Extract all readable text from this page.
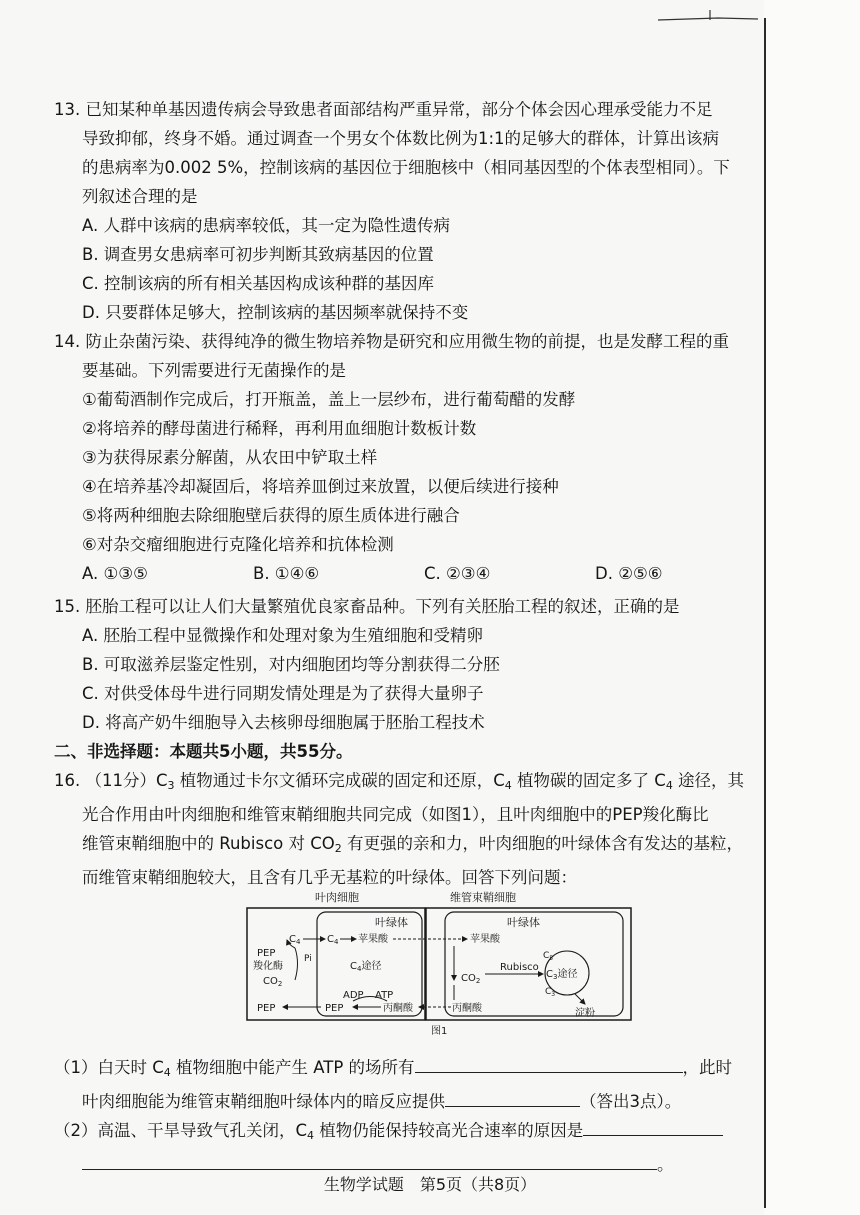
13. 已知某种单基因遗传病会导致患者面部结构严重异常，部分个体会因心理承受能力不足

导致抑郁，终身不婚。通过调查一个男女个体数比例为1:1的足够大的群体，计算出该病

的患病率为0.002 5%，控制该病的基因位于细胞核中（相同基因型的个体表型相同）。下

列叙述合理的是

A. 人群中该病的患病率较低，其一定为隐性遗传病

B. 调查男女患病率可初步判断其致病基因的位置

C. 控制该病的所有相关基因构成该种群的基因库

D. 只要群体足够大，控制该病的基因频率就保持不变

14. 防止杂菌污染、获得纯净的微生物培养物是研究和应用微生物的前提，也是发酵工程的重

要基础。下列需要进行无菌操作的是

①葡萄酒制作完成后，打开瓶盖，盖上一层纱布，进行葡萄醋的发酵

②将培养的酵母菌进行稀释，再利用血细胞计数板计数

③为获得尿素分解菌，从农田中铲取土样

④在培养基冷却凝固后，将培养皿倒过来放置，以便后续进行接种

⑤将两种细胞去除细胞壁后获得的原生质体进行融合

⑥对杂交瘤细胞进行克隆化培养和抗体检测

A. ①③⑤	B. ①④⑥	C. ②③④	D. ②⑤⑥

15. 胚胎工程可以让人们大量繁殖优良家畜品种。下列有关胚胎工程的叙述，正确的是

A. 胚胎工程中显微操作和处理对象为生殖细胞和受精卵

B. 可取滋养层鉴定性别，对内细胞团均等分割获得二分胚

C. 对供受体母牛进行同期发情处理是为了获得大量卵子

D. 将高产奶牛细胞导入去核卵母细胞属于胚胎工程技术

二、非选择题：本题共5小题，共55分。

16. （11分）$C_3$ 植物通过卡尔文循环完成碳的固定和还原，$C_4$ 植物碳的固定多了 $C_4$ 途径，其

光合作用由叶肉细胞和维管束鞘细胞共同完成（如图1），且叶肉细胞中的PEP羧化酶比

维管束鞘细胞中的 Rubisco 对 $CO_2$ 有更强的亲和力，叶肉细胞的叶绿体含有发达的基粒，

而维管束鞘细胞较大，且含有几乎无基粒的叶绿体。回答下列问题：

叶肉细胞	维管束鞘细胞
叶绿体	叶绿体
$C_4$	$C_4$ 苹果酸	苹果酸
PEP
羧化酶
Pi
$CO_2$
$C_4$途径
$CO_2$
Rubisco
$C_5$
$C_3$途径
$C_3$
淀粉
ADP ATP
PEP	PEP	丙酮酸	丙酮酸
图1

（1）白天时 $C_4$ 植物细胞中能产生 ATP 的场所有	，此时

叶肉细胞能为维管束鞘细胞叶绿体内的暗反应提供	（答出3点）。

（2）高温、干旱导致气孔关闭，$C_4$ 植物仍能保持较高光合速率的原因是

。

生物学试题　第5页（共8页）
